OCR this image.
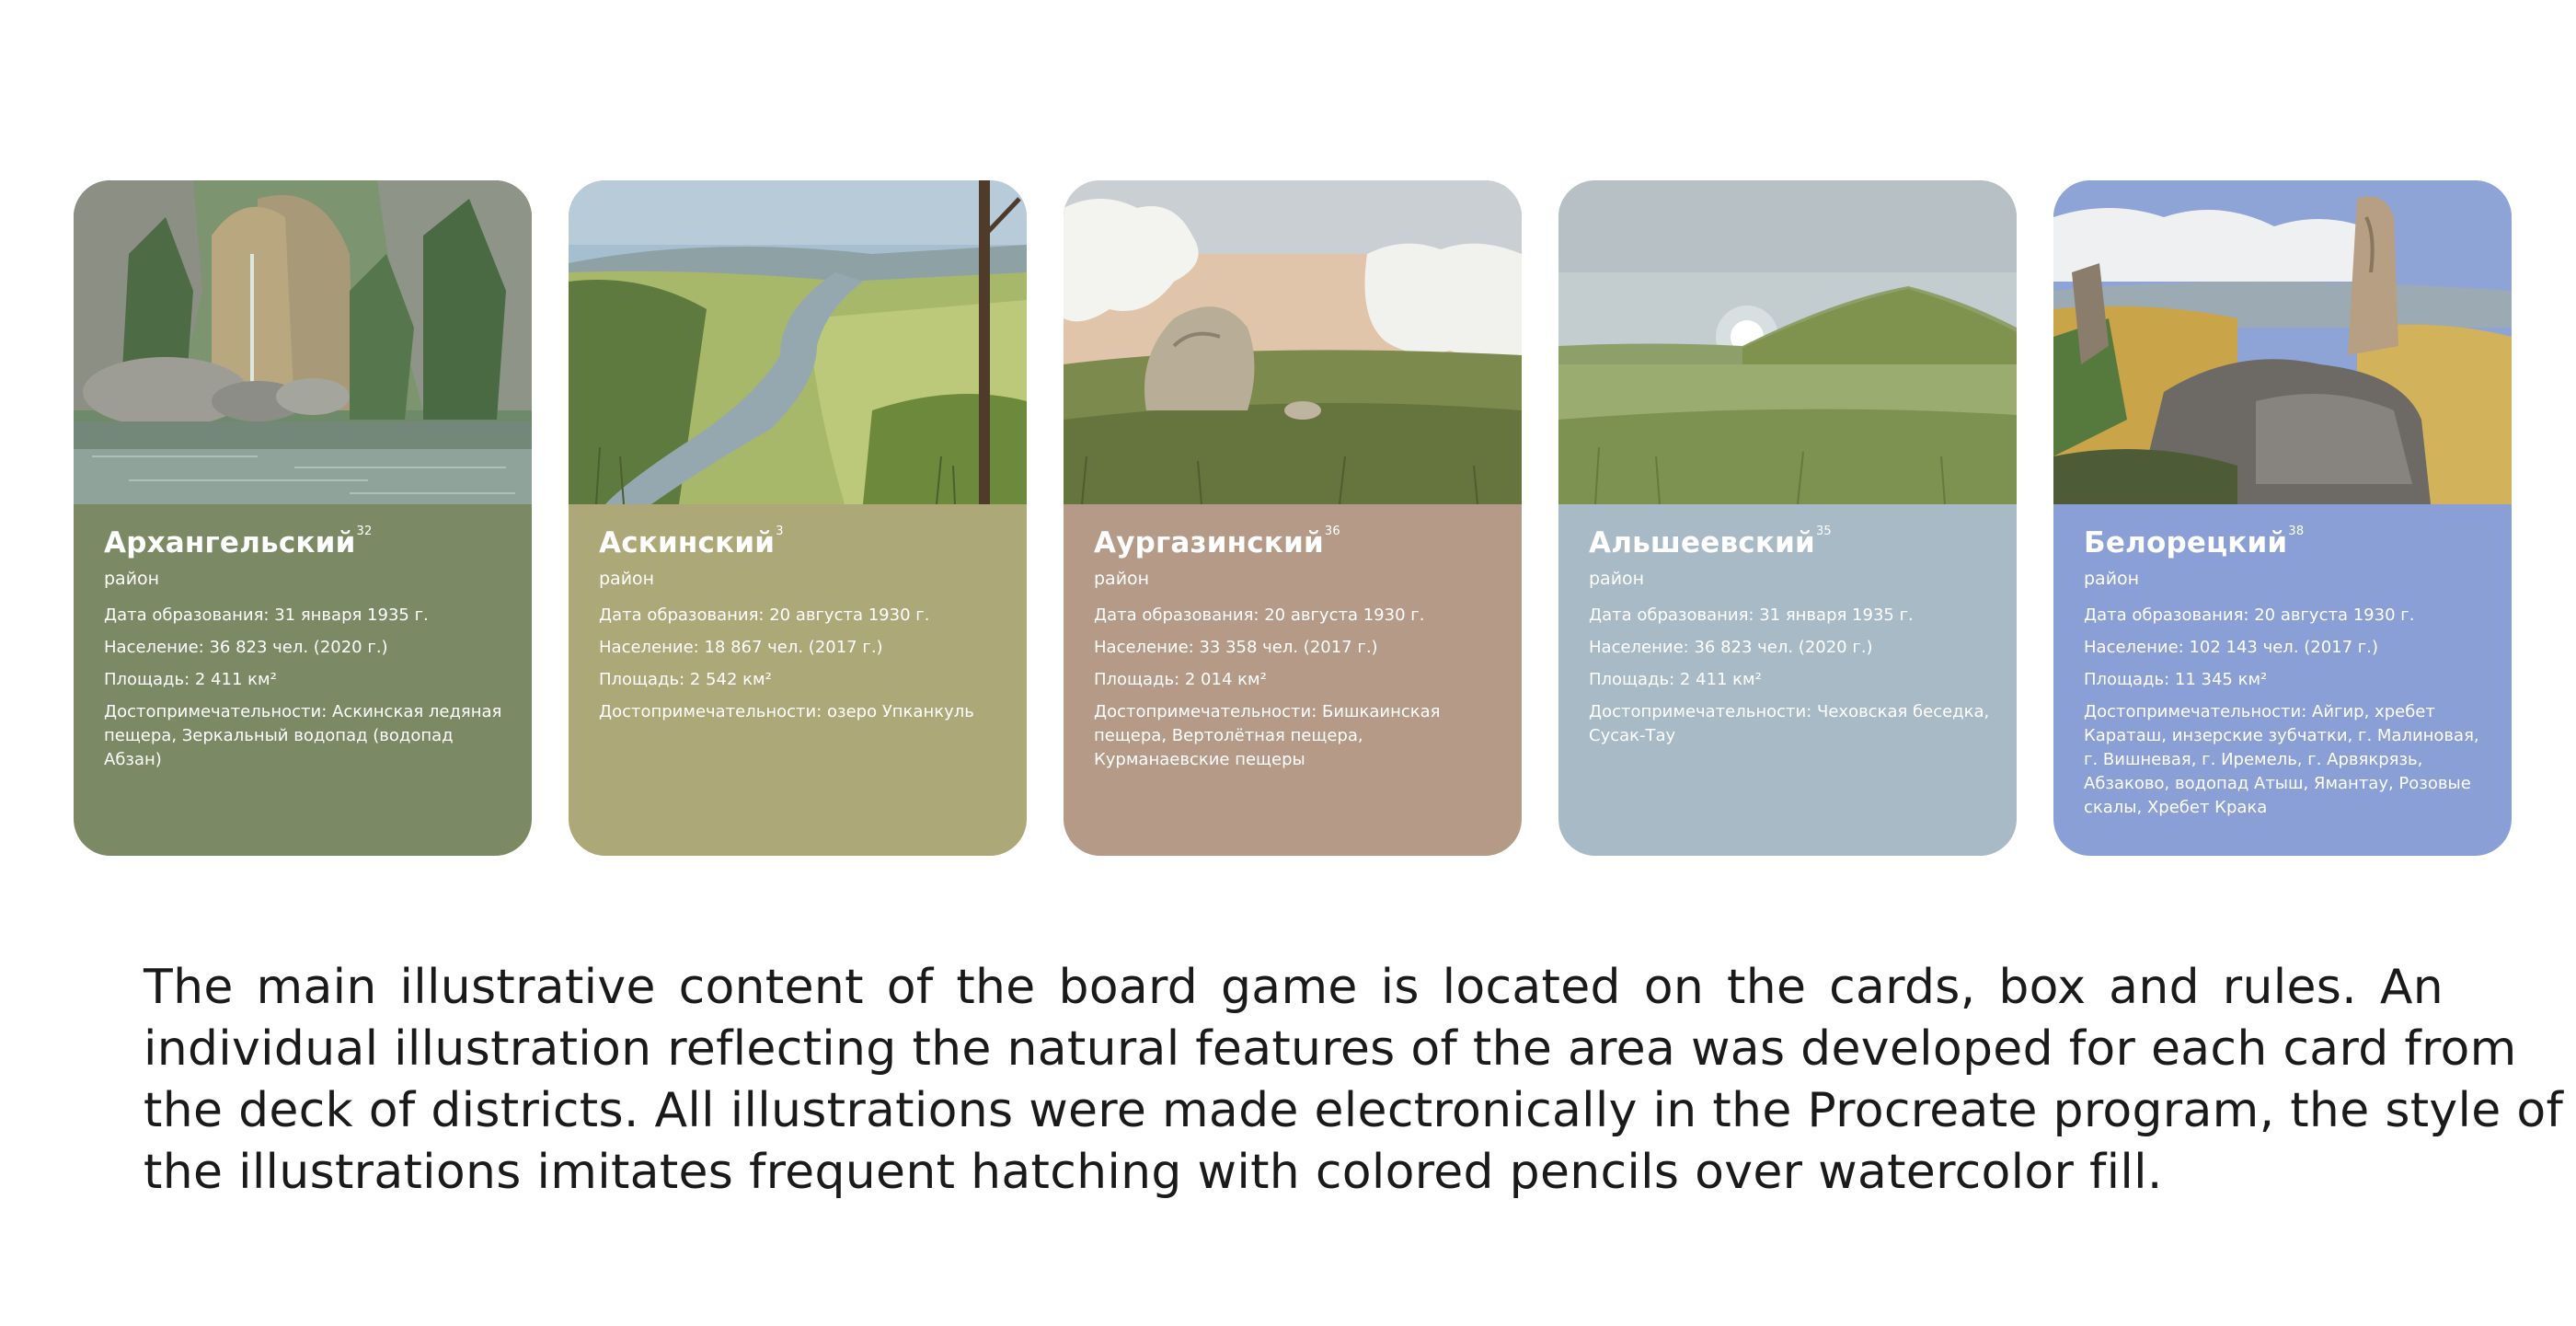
Архангельский$^{32}$
район
Дата образования: 31 января 1935 г.
Население: 36 823 чел. (2020 г.)
Площадь: 2 411 км²
Достопримечательности: Аскинская ледяная пещера, Зеркальный водопад (водопад Абзан)
Аскинский$^3$
район
Дата образования: 20 августа 1930 г.
Население: 18 867 чел. (2017 г.)
Площадь: 2 542 км²
Достопримечательности: озеро Упканкуль
Аургазинский$^{36}$
район
Дата образования: 20 августа 1930 г.
Население: 33 358 чел. (2017 г.)
Площадь: 2 014 км²
Достопримечательности: Бишкаинская пещера, Вертолётная пещера, Курманаевские пещеры
Альшеевский$^{35}$
район
Дата образования: 31 января 1935 г.
Население: 36 823 чел. (2020 г.)
Площадь: 2 411 км²
Достопримечательности: Чеховская беседка, Сусак-Тау
Белорецкий$^{38}$
район
Дата образования: 20 августа 1930 г.
Население: 102 143 чел. (2017 г.)
Площадь: 11 345 км²
Достопримечательности: Айгир, хребет Караташ, инзерские зубчатки, г. Малиновая, г. Вишневая, г. Иремель, г. Арвякрязь, Абзаково, водопад Атыш, Ямантау, Розовые скалы, Хребет Крака
The main illustrative content of the board game is located on the cards, box and rules. An
individual illustration reflecting the natural features of the area was developed for each card from
the deck of districts. All illustrations were made electronically in the Procreate program, the style of
the illustrations imitates frequent hatching with colored pencils over watercolor fill.
